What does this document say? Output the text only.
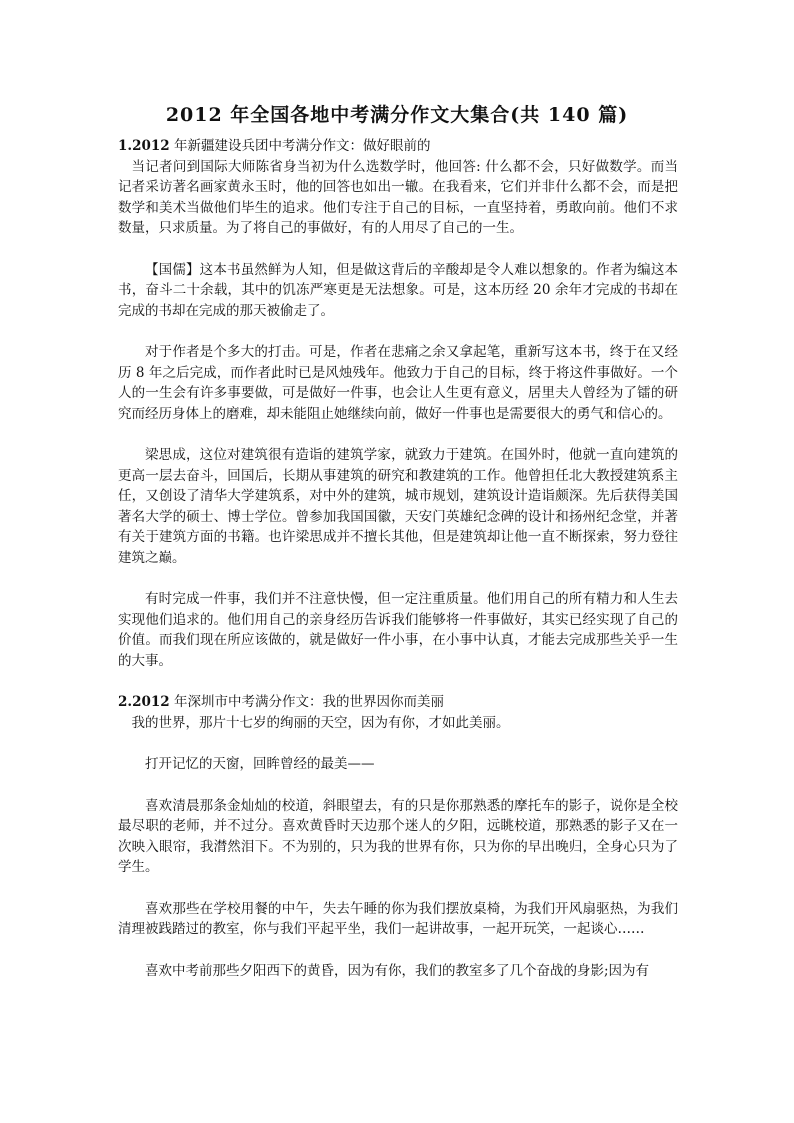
2012 年全国各地中考满分作文大集合(共 140 篇)
1.2012 年新疆建设兵团中考满分作文：做好眼前的

当记者问到国际大师陈省身当初为什么选数学时，他回答: 什么都不会，只好做数学。而当记者采访著名画家黄永玉时，他的回答也如出一辙。在我看来，它们并非什么都不会，而是把数学和美术当做他们毕生的追求。他们专注于自己的目标，一直坚持着，勇敢向前。他们不求数量，只求质量。为了将自己的事做好，有的人用尽了自己的一生。

【国儒】这本书虽然鲜为人知，但是做这背后的辛酸却是令人难以想象的。作者为编这本书，奋斗二十余载，其中的饥冻严寒更是无法想象。可是，这本历经 20 余年才完成的书却在完成的书却在完成的那天被偷走了。

对于作者是个多大的打击。可是，作者在悲痛之余又拿起笔，重新写这本书，终于在又经历 8 年之后完成，而作者此时已是风烛残年。他致力于自己的目标，终于将这件事做好。一个人的一生会有许多事要做，可是做好一件事，也会让人生更有意义，居里夫人曾经为了镭的研究而经历身体上的磨难，却未能阻止她继续向前，做好一件事也是需要很大的勇气和信心的。

梁思成，这位对建筑很有造诣的建筑学家，就致力于建筑。在国外时，他就一直向建筑的更高一层去奋斗，回国后，长期从事建筑的研究和教建筑的工作。他曾担任北大教授建筑系主任，又创设了清华大学建筑系，对中外的建筑，城市规划，建筑设计造诣颇深。先后获得美国著名大学的硕士、博士学位。曾参加我国国徽，天安门英雄纪念碑的设计和扬州纪念堂，并著有关于建筑方面的书籍。也许梁思成并不擅长其他，但是建筑却让他一直不断探索，努力登往建筑之巅。

有时完成一件事，我们并不注意快慢，但一定注重质量。他们用自己的所有精力和人生去实现他们追求的。他们用自己的亲身经历告诉我们能够将一件事做好，其实已经实现了自己的价值。而我们现在所应该做的，就是做好一件小事，在小事中认真，才能去完成那些关乎一生的大事。

2.2012 年深圳市中考满分作文：我的世界因你而美丽

我的世界，那片十七岁的绚丽的天空，因为有你，才如此美丽。

打开记忆的天窗，回眸曾经的最美——

喜欢清晨那条金灿灿的校道，斜眼望去，有的只是你那熟悉的摩托车的影子，说你是全校最尽职的老师，并不过分。喜欢黄昏时天边那个迷人的夕阳，远眺校道，那熟悉的影子又在一次映入眼帘，我潸然泪下。不为别的，只为我的世界有你，只为你的早出晚归，全身心只为了学生。

喜欢那些在学校用餐的中午，失去午睡的你为我们摆放桌椅，为我们开风扇驱热，为我们清理被践踏过的教室，你与我们平起平坐，我们一起讲故事，一起开玩笑，一起谈心……

喜欢中考前那些夕阳西下的黄昏，因为有你，我们的教室多了几个奋战的身影;因为有
